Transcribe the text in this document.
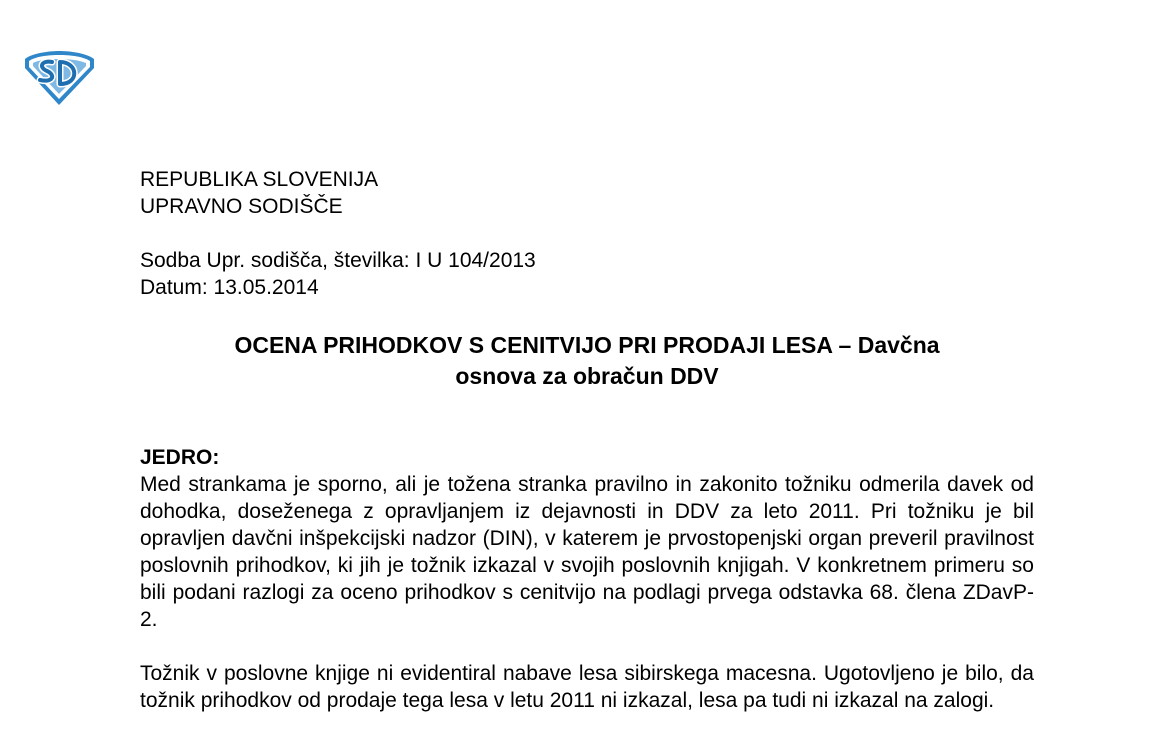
REPUBLIKA SLOVENIJA
UPRAVNO SODIŠČE
Sodba Upr. sodišča, številka: I U 104/2013
Datum: 13.05.2014
OCENA PRIHODKOV S CENITVIJO PRI PRODAJI LESA – Davčna
osnova za obračun DDV
JEDRO:

Med strankama je sporno, ali je tožena stranka pravilno in zakonito tožniku odmerila davek od dohodka, doseženega z opravljanjem iz dejavnosti in DDV za leto 2011. Pri tožniku je bil opravljen davčni inšpekcijski nadzor (DIN), v katerem je prvostopenjski organ preveril pravilnost poslovnih prihodkov, ki jih je tožnik izkazal v svojih poslovnih knjigah. V konkretnem primeru so bili podani razlogi za oceno prihodkov s cenitvijo na podlagi prvega odstavka 68. člena ZDavP-2.

Tožnik v poslovne knjige ni evidentiral nabave lesa sibirskega macesna. Ugotovljeno je bilo, da tožnik prihodkov od prodaje tega lesa v letu 2011 ni izkazal, lesa pa tudi ni izkazal na zalogi.
